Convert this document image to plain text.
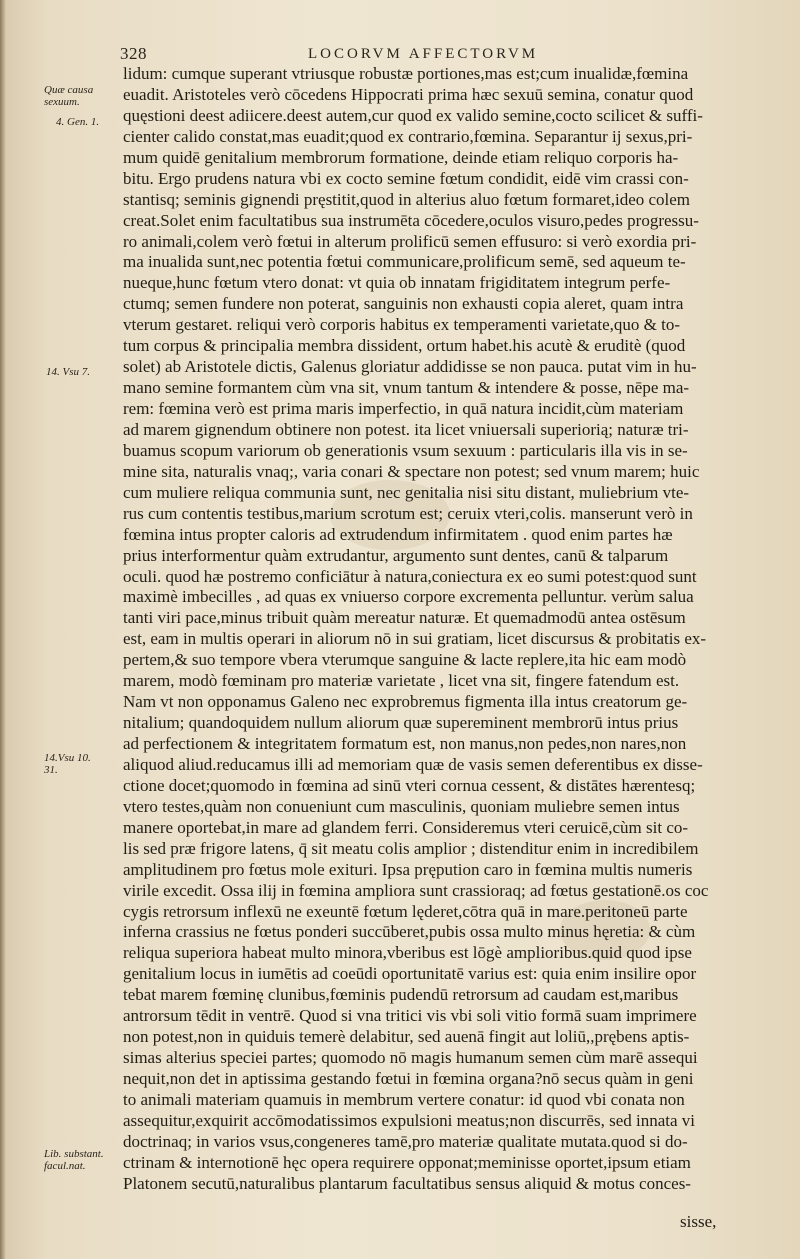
328	LOCORVM AFFECTORVM
Quæ causa sexuum.
4. Gen. 1.
14. Vsu 7.
14.Vsu 10. 31.
Lib. substant. facul.nat.
lidum: cumque superant vtriusque robustæ portiones,mas est;cum inualidæ,fœmina
euadit. Aristoteles verò cōcedens Hippocrati prima hæc sexuū semina, conatur quod
quęstioni deest adiicere.deest autem,cur quod ex valido semine,cocto scilicet & suffi-
cienter calido constat,mas euadit;quod ex contrario,fœmina. Separantur ij sexus,pri-
mum quidē genitalium membrorum formatione, deinde etiam reliquo corporis ha-
bitu. Ergo prudens natura vbi ex cocto semine fœtum condidit, eidē vim crassi con-
stantisq; seminis gignendi pręstitit,quod in alterius aluo fœtum formaret,ideo colem
creat.Solet enim facultatibus sua instrumēta cōcedere,oculos visuro,pedes progressu-
ro animali,colem verò fœtui in alterum prolificū semen effusuro: si verò exordia pri-
ma inualida sunt,nec potentia fœtui communicare,prolificum semē, sed aqueum te-
nueque,hunc fœtum vtero donat: vt quia ob innatam frigiditatem integrum perfe-
ctumq; semen fundere non poterat, sanguinis non exhausti copia aleret, quam intra
vterum gestaret. reliqui verò corporis habitus ex temperamenti varietate,quo & to-
tum corpus & principalia membra dissident, ortum habet.his acutè & eruditè (quod
solet) ab Aristotele dictis, Galenus gloriatur addidisse se non pauca. putat vim in hu-
mano semine formantem cùm vna sit, vnum tantum & intendere & posse, nēpe ma-
rem: fœmina verò est prima maris imperfectio, in quā natura incidit,cùm materiam
ad marem gignendum obtinere non potest. ita licet vniuersali superiorią; naturæ tri-
buamus scopum variorum ob generationis vsum sexuum : particularis illa vis in se-
mine sita, naturalis vnaq;, varia conari & spectare non potest; sed vnum marem; huic
cum muliere reliqua communia sunt, nec genitalia nisi situ distant, muliebrium vte-
rus cum contentis testibus,marium scrotum est; ceruix vteri,colis. manserunt verò in
fœmina intus propter caloris ad extrudendum infirmitatem . quod enim partes hæ
prius interformentur quàm extrudantur, argumento sunt dentes, canū & talparum
oculi. quod hæ postremo conficiātur à natura,coniectura ex eo sumi potest:quod sunt
maximè imbecilles , ad quas ex vniuerso corpore excrementa pelluntur. verùm salua
tanti viri pace,minus tribuit quàm mereatur naturæ. Et quemadmodū antea ostēsum
est, eam in multis operari in aliorum nō in sui gratiam, licet discursus & probitatis ex-
pertem,& suo tempore vbera vterumque sanguine & lacte replere,ita hic eam modò
marem, modò fœminam pro materiæ varietate , licet vna sit, fingere fatendum est.
Nam vt non opponamus Galeno nec exprobremus figmenta illa intus creatorum ge-
nitalium; quandoquidem nullum aliorum quæ supereminent membrorū intus prius
ad perfectionem & integritatem formatum est, non manus,non pedes,non nares,non
aliquod aliud.reducamus illi ad memoriam quæ de vasis semen deferentibus ex disse-
ctione docet;quomodo in fœmina ad sinū vteri cornua cessent, & distātes hærentesq;
vtero testes,quàm non conueniunt cum masculinis, quoniam muliebre semen intus
manere oportebat,in mare ad glandem ferri. Consideremus vteri ceruicē,cùm sit co-
lis sed præ frigore latens, q̄ sit meatu colis amplior ; distenditur enim in incredibilem
amplitudinem pro fœtus mole exituri. Ipsa prępution caro in fœmina multis numeris
virile excedit. Ossa ilij in fœmina ampliora sunt crassioraq; ad fœtus gestationē.os coc
cygis retrorsum inflexū ne exeuntē fœtum lęderet,cōtra quā in mare.peritoneū parte
inferna crassius ne fœtus ponderi succūberet,pubis ossa multo minus hęretia: & cùm
reliqua superiora habeat multo minora,vberibus est lōgè amplioribus.quid quod ipse
genitalium locus in iumētis ad coeūdi oportunitatē varius est: quia enim insilire opor
tebat marem fœminę clunibus,fœminis pudendū retrorsum ad caudam est,maribus
antrorsum tēdit in ventrē. Quod si vna tritici vis vbi soli vitio formā suam imprimere
non potest,non in quiduis temerè delabitur, sed auenā fingit aut loliū,,prębens aptis-
simas alterius speciei partes; quomodo nō magis humanum semen cùm marē assequi
nequit,non det in aptissima gestando fœtui in fœmina organa?nō secus quàm in geni
to animali materiam quamuis in membrum vertere conatur: id quod vbi conata non
assequitur,exquirit accōmodatissimos expulsioni meatus;non discurrēs, sed innata vi
doctrinaq; in varios vsus,congeneres tamē,pro materiæ qualitate mutata.quod si do-
ctrinam & internotionē hęc opera requirere opponat;meminisse oportet,ipsum etiam
Platonem secutū,naturalibus plantarum facultatibus sensus aliquid & motus conces-
sisse,
